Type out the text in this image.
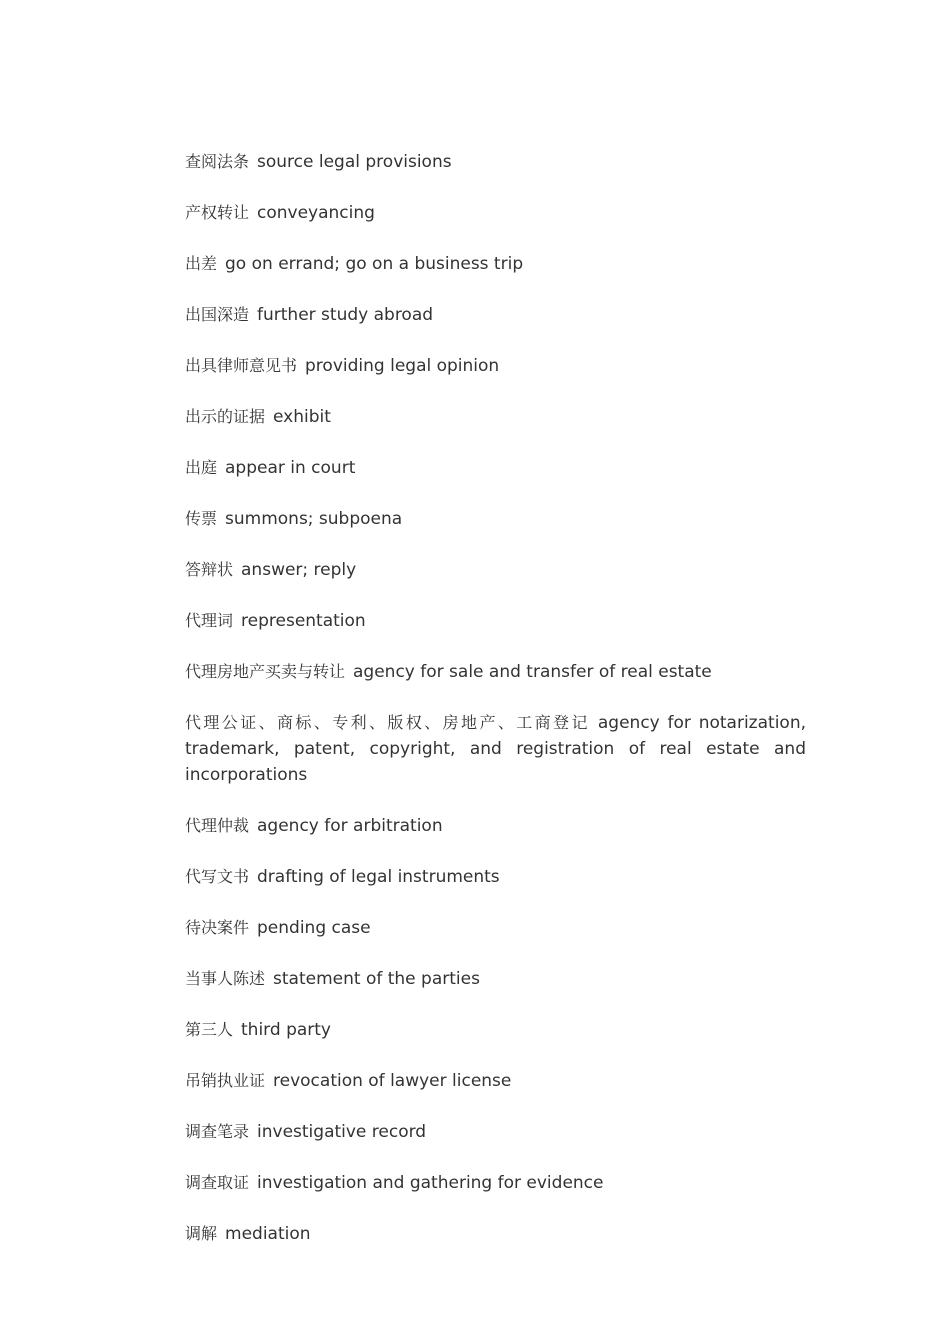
查阅法条 source legal provisions

产权转让 conveyancing

出差 go on errand; go on a business trip

出国深造 further study abroad

出具律师意见书 providing legal opinion

出示的证据 exhibit

出庭 appear in court

传票 summons; subpoena

答辩状 answer; reply

代理词 representation

代理房地产买卖与转让 agency for sale and transfer of real estate

代理公证、商标、专利、版权、房地产、工商登记 agency for notarization, trademark, patent, copyright, and registration of real estate and incorporations

代理仲裁 agency for arbitration

代写文书 drafting of legal instruments

待决案件 pending case

当事人陈述 statement of the parties

第三人 third party

吊销执业证 revocation of lawyer license

调查笔录 investigative record

调查取证 investigation and gathering for evidence

调解 mediation
